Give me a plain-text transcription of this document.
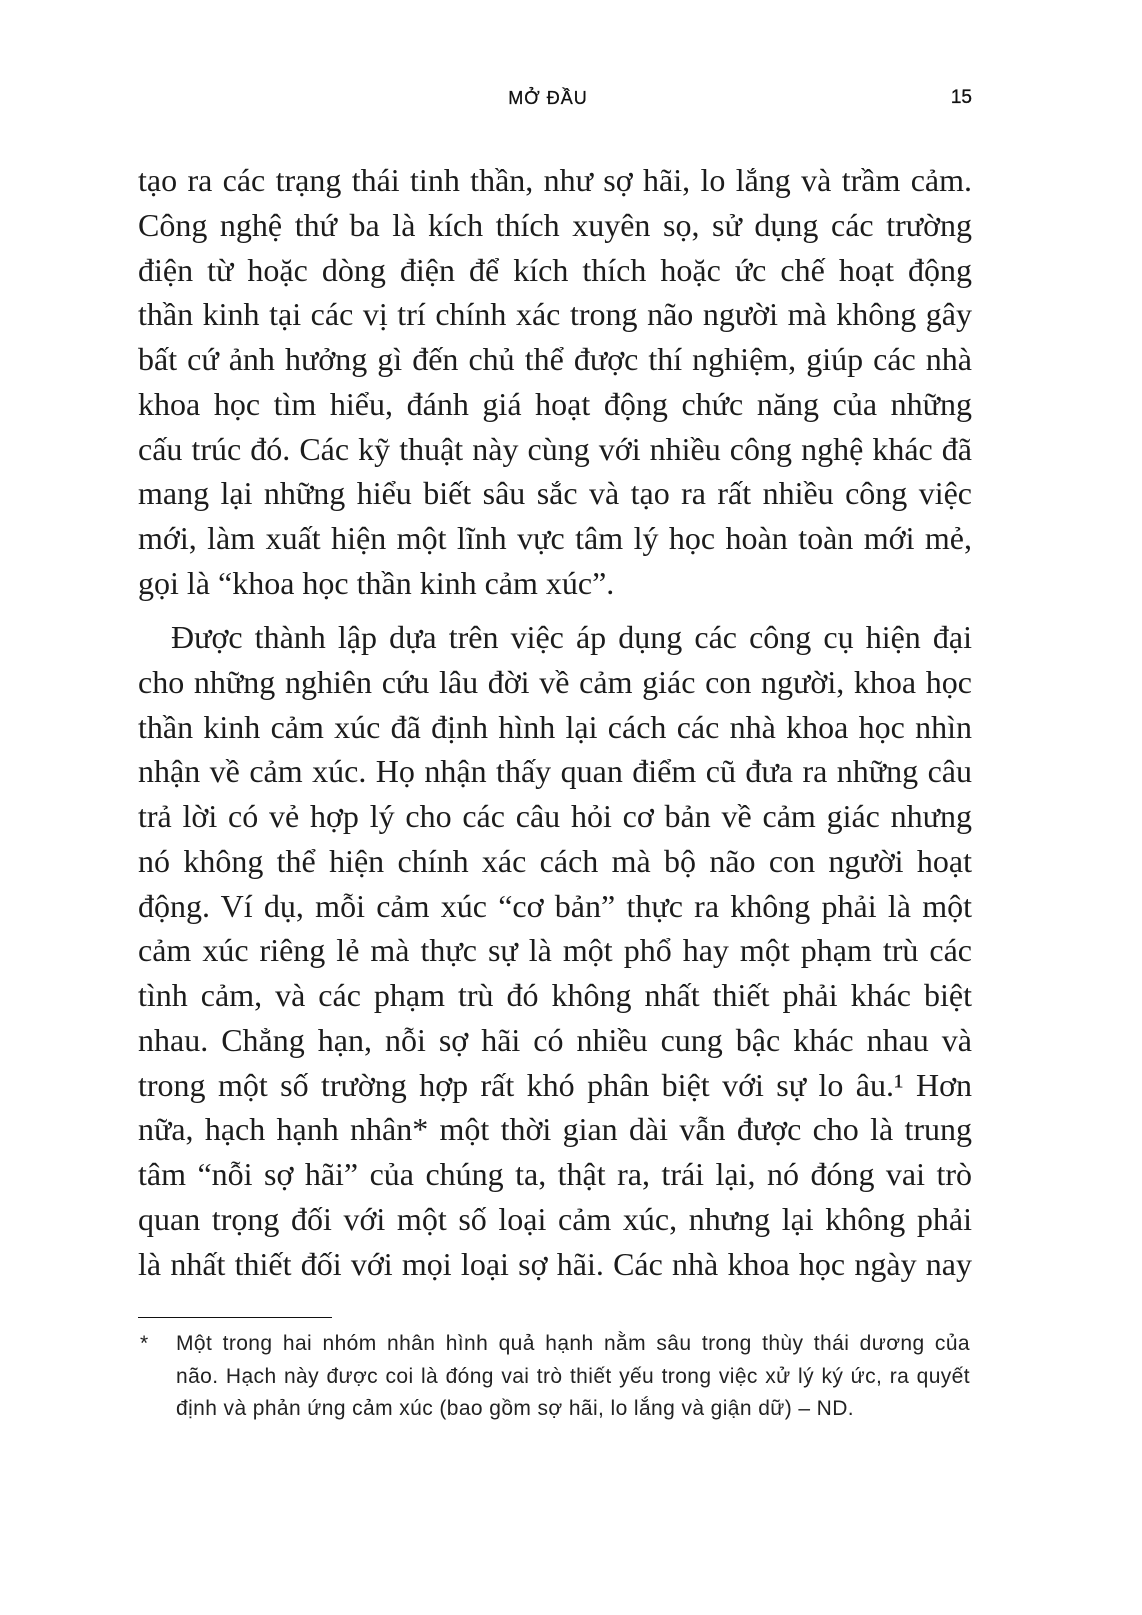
MỞ ĐẦU	15
tạo ra các trạng thái tinh thần, như sợ hãi, lo lắng và trầm cảm.
Công nghệ thứ ba là kích thích xuyên sọ, sử dụng các trường
điện từ hoặc dòng điện để kích thích hoặc ức chế hoạt động
thần kinh tại các vị trí chính xác trong não người mà không gây
bất cứ ảnh hưởng gì đến chủ thể được thí nghiệm, giúp các nhà
khoa học tìm hiểu, đánh giá hoạt động chức năng của những
cấu trúc đó. Các kỹ thuật này cùng với nhiều công nghệ khác đã
mang lại những hiểu biết sâu sắc và tạo ra rất nhiều công việc
mới, làm xuất hiện một lĩnh vực tâm lý học hoàn toàn mới mẻ,
gọi là “khoa học thần kinh cảm xúc”.
Được thành lập dựa trên việc áp dụng các công cụ hiện đại
cho những nghiên cứu lâu đời về cảm giác con người, khoa học
thần kinh cảm xúc đã định hình lại cách các nhà khoa học nhìn
nhận về cảm xúc. Họ nhận thấy quan điểm cũ đưa ra những câu
trả lời có vẻ hợp lý cho các câu hỏi cơ bản về cảm giác nhưng
nó không thể hiện chính xác cách mà bộ não con người hoạt
động. Ví dụ, mỗi cảm xúc “cơ bản” thực ra không phải là một
cảm xúc riêng lẻ mà thực sự là một phổ hay một phạm trù các
tình cảm, và các phạm trù đó không nhất thiết phải khác biệt
nhau. Chẳng hạn, nỗi sợ hãi có nhiều cung bậc khác nhau và
trong một số trường hợp rất khó phân biệt với sự lo âu.¹ Hơn
nữa, hạch hạnh nhân* một thời gian dài vẫn được cho là trung
tâm “nỗi sợ hãi” của chúng ta, thật ra, trái lại, nó đóng vai trò
quan trọng đối với một số loại cảm xúc, nhưng lại không phải
là nhất thiết đối với mọi loại sợ hãi. Các nhà khoa học ngày nay
* Một trong hai nhóm nhân hình quả hạnh nằm sâu trong thùy thái dương của
não. Hạch này được coi là đóng vai trò thiết yếu trong việc xử lý ký ức, ra quyết
định và phản ứng cảm xúc (bao gồm sợ hãi, lo lắng và giận dữ) – ND.
